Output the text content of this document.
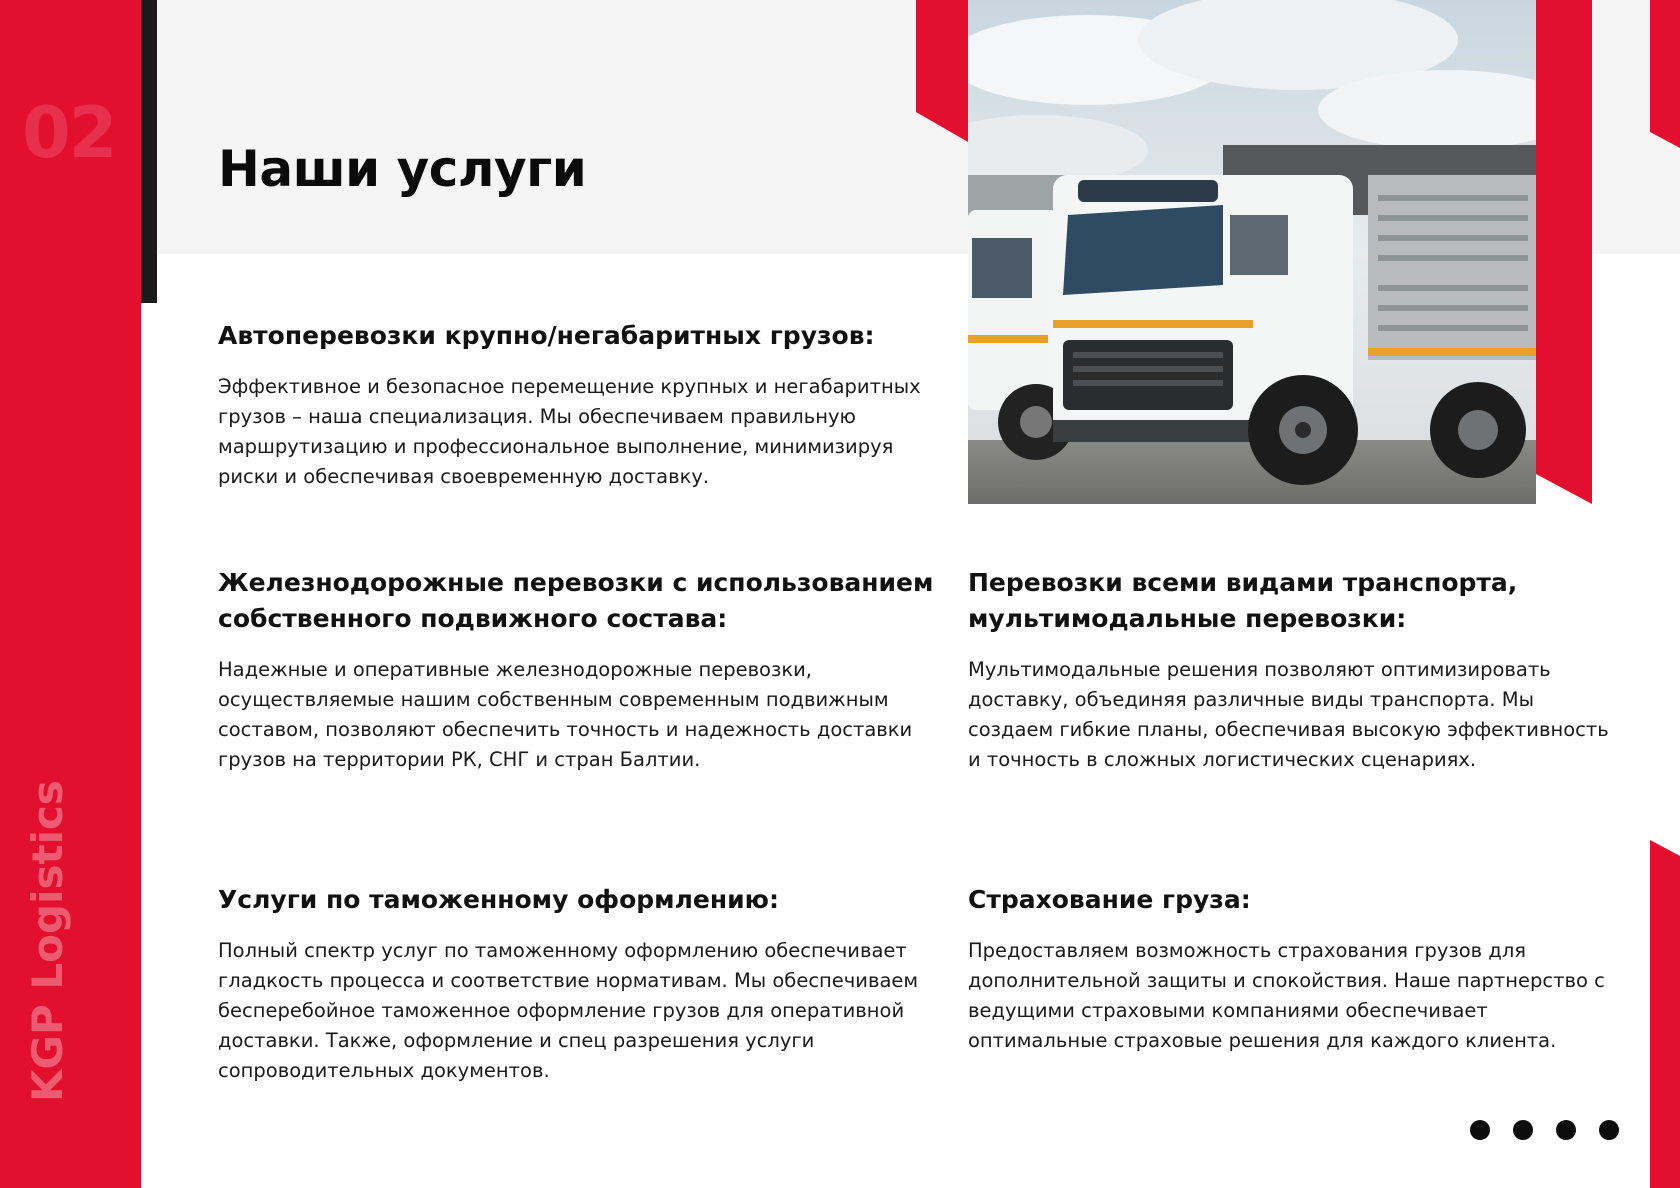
02
KGP Logistics
Наши услуги
Автоперевозки крупно/негабаритных грузов:

Эффективное и безопасное перемещение крупных и негабаритных грузов – наша специализация. Мы обеспечиваем правильную маршрутизацию и профессиональное выполнение, минимизируя риски и обеспечивая своевременную доставку.

Железнодорожные перевозки с использованием собственного подвижного состава:

Надежные и оперативные железнодорожные перевозки, осуществляемые нашим собственным современным подвижным составом, позволяют обеспечить точность и надежность доставки грузов на территории РК, СНГ и стран Балтии.

Перевозки всеми видами транспорта, мультимодальные перевозки:

Мультимодальные решения позволяют оптимизировать доставку, объединяя различные виды транспорта. Мы создаем гибкие планы, обеспечивая высокую эффективность и точность в сложных логистических сценариях.

Услуги по таможенному оформлению:

Полный спектр услуг по таможенному оформлению обеспечивает гладкость процесса и соответствие нормативам. Мы обеспечиваем бесперебойное таможенное оформление грузов для оперативной доставки. Также, оформление и спец разрешения услуги сопроводительных документов.

Страхование груза:

Предоставляем возможность страхования грузов для дополнительной защиты и спокойствия. Наше партнерство с ведущими страховыми компаниями обеспечивает оптимальные страховые решения для каждого клиента.
